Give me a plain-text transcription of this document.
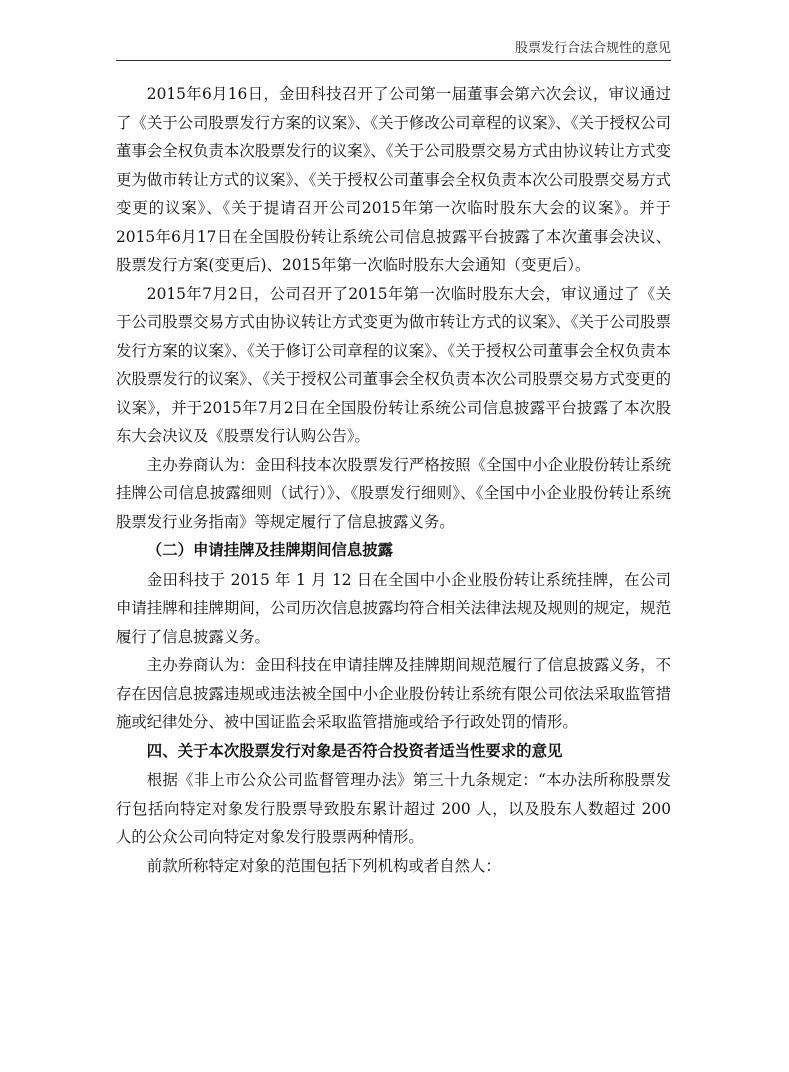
股票发行合法合规性的意见

2015年6月16日，金田科技召开了公司第一届董事会第六次会议，审议通过了《关于公司股票发行方案的议案》、《关于修改公司章程的议案》、《关于授权公司董事会全权负责本次股票发行的议案》、《关于公司股票交易方式由协议转让方式变更为做市转让方式的议案》、《关于授权公司董事会全权负责本次公司股票交易方式变更的议案》、《关于提请召开公司2015年第一次临时股东大会的议案》。并于2015年6月17日在全国股份转让系统公司信息披露平台披露了本次董事会决议、股票发行方案(变更后)、2015年第一次临时股东大会通知（变更后）。

2015年7月2日，公司召开了2015年第一次临时股东大会，审议通过了《关于公司股票交易方式由协议转让方式变更为做市转让方式的议案》、《关于公司股票发行方案的议案》、《关于修订公司章程的议案》、《关于授权公司董事会全权负责本次股票发行的议案》、《关于授权公司董事会全权负责本次公司股票交易方式变更的议案》，并于2015年7月2日在全国股份转让系统公司信息披露平台披露了本次股东大会决议及《股票发行认购公告》。

主办券商认为：金田科技本次股票发行严格按照《全国中小企业股份转让系统挂牌公司信息披露细则（试行）》、《股票发行细则》、《全国中小企业股份转让系统股票发行业务指南》等规定履行了信息披露义务。

（二）申请挂牌及挂牌期间信息披露

金田科技于 2015 年 1 月 12 日在全国中小企业股份转让系统挂牌，在公司申请挂牌和挂牌期间，公司历次信息披露均符合相关法律法规及规则的规定，规范履行了信息披露义务。

主办券商认为：金田科技在申请挂牌及挂牌期间规范履行了信息披露义务，不存在因信息披露违规或违法被全国中小企业股份转让系统有限公司依法采取监管措施或纪律处分、被中国证监会采取监管措施或给予行政处罚的情形。

四、关于本次股票发行对象是否符合投资者适当性要求的意见

根据《非上市公众公司监督管理办法》第三十九条规定：“本办法所称股票发行包括向特定对象发行股票导致股东累计超过 200 人，以及股东人数超过 200 人的公众公司向特定对象发行股票两种情形。

前款所称特定对象的范围包括下列机构或者自然人：
